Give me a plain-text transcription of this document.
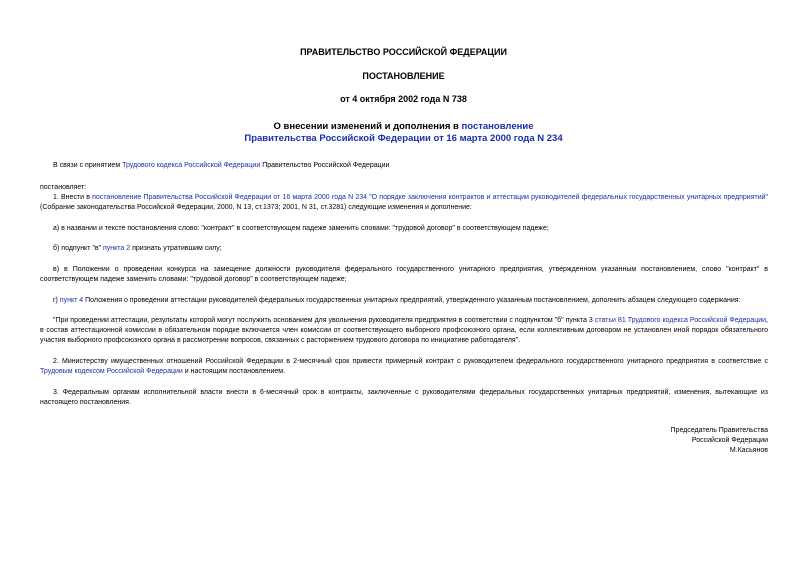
ПРАВИТЕЛЬСТВО РОССИЙСКОЙ ФЕДЕРАЦИИ
ПОСТАНОВЛЕНИЕ
от 4 октября 2002 года N 738
О внесении изменений и дополнения в постановление
Правительства Российской Федерации от 16 марта 2000 года N 234
В связи с принятием Трудового кодекса Российской Федерации Правительство Российской Федерации
постановляет:
1. Внести в постановление Правительства Российской Федерации от 16 марта 2000 года N 234 "О порядке заключения контрактов и аттестации руководителей федеральных государственных унитарных предприятий" (Собрание законодательства Российской Федерации, 2000, N 13, ст.1373; 2001, N 31, ст.3281) следующие изменения и дополнение:
а) в названии и тексте постановления слово: "контракт" в соответствующем падеже заменить словами: "трудовой договор" в соответствующем падеже;
б) подпункт "в" пункта 2 признать утратившим силу;
в) в Положении о проведении конкурса на замещение должности руководителя федерального государственного унитарного предприятия, утвержденном указанным постановлением, слово "контракт" в соответствующем падеже заменить словами: "трудовой договор" в соответствующем падеже;
г) пункт 4 Положения о проведении аттестации руководителей федеральных государственных унитарных предприятий, утвержденного указанным постановлением, дополнить абзацем следующего содержания:
"При проведении аттестации, результаты которой могут послужить основанием для увольнения руководителя предприятия в соответствии с подпунктом "б" пункта 3 статьи 81 Трудового кодекса Российской Федерации, в состав аттестационной комиссии в обязательном порядке включается член комиссии от соответствующего выборного профсоюзного органа, если коллективным договором не установлен иной порядок обязательного участия выборного профсоюзного органа в рассмотрении вопросов, связанных с расторжением трудового договора по инициативе работодателя".
2. Министерству имущественных отношений Российской Федерации в 2-месячный срок привести примерный контракт с руководителем федерального государственного унитарного предприятия в соответствие с Трудовым кодексом Российской Федерации и настоящим постановлением.
3. Федеральным органам исполнительной власти внести в 6-месячный срок в контракты, заключенные с руководителями федеральных государственных унитарных предприятий, изменения, вытекающие из настоящего постановления.
Председатель Правительства
Российской Федерации
М.Касьянов
